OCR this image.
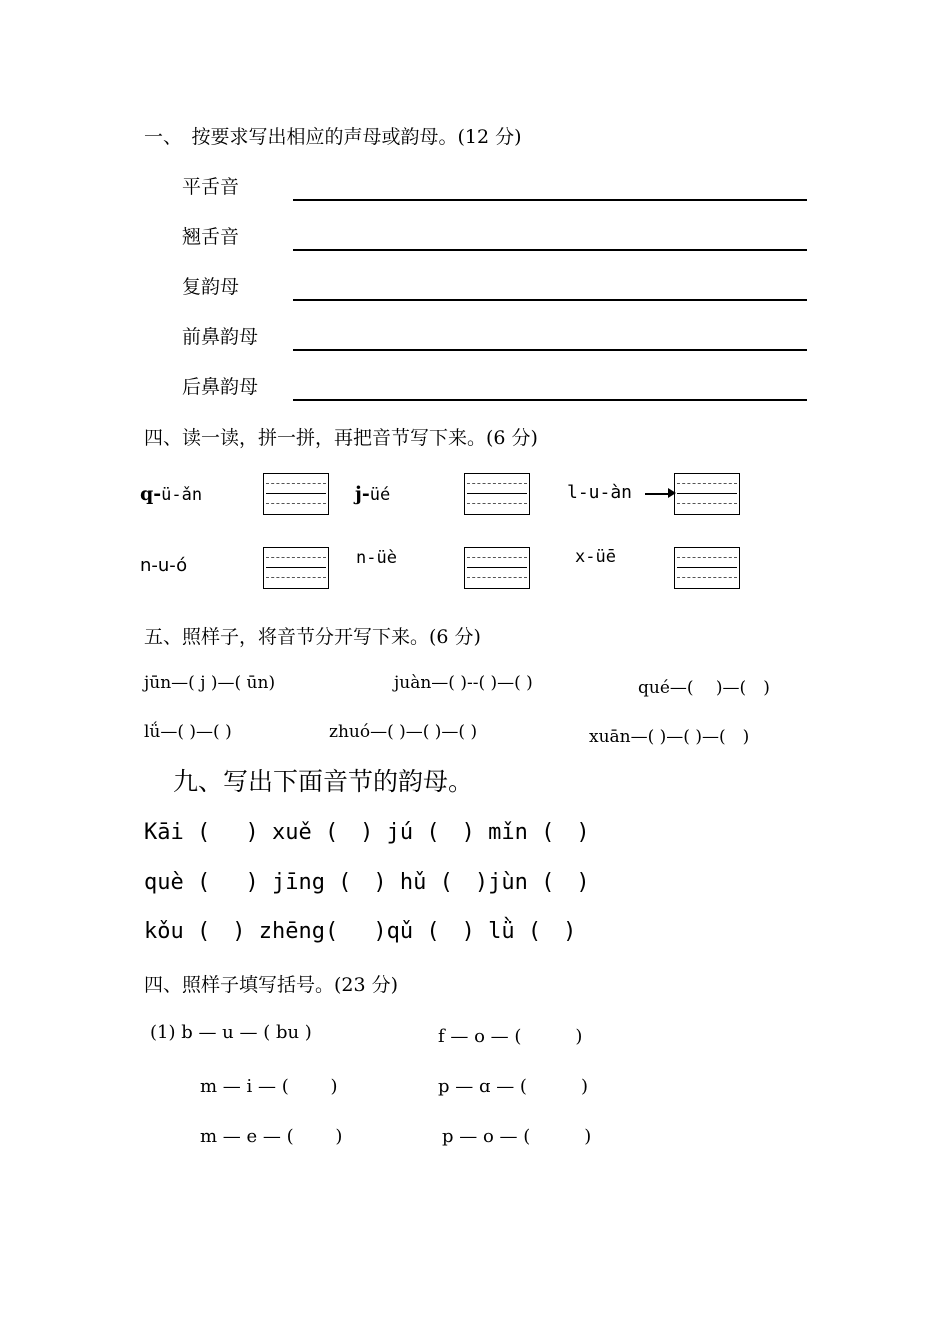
一、　按要求写出相应的声母或韵母。(12 分)
平舌音
翘舌音
复韵母
前鼻韵母
后鼻韵母
四、读一读，拼一拼，再把音节写下来。(6 分)
q-ü-ǎn	j-üé	l-u-àn
n-u-ó	n-üè	x-üē
五、照样子，将音节分开写下来。(6 分)
jūn—( j )—( ūn)	juàn—( )--( )—( )	qué—(　 )—(　)
lǘ—( )—( )	zhuó—( )—( )—( )	xuān—( )—( )—(　)
九、写出下面音节的韵母。
Kāi (　 ) xuě (　) jú (　) mǐn (　)
què (　 ) jīng (　) hǔ (　)jùn (　)
kǒu (　) zhēng(　 )qǔ (　) lǜ (　)
四、照样子填写括号。(23 分)
(1) b — u — ( bu )	f — o — (　　　)
m — i — (　　 )	p — ɑ — (　　　)
m — e — (　　 )	p — o — (　　　)
